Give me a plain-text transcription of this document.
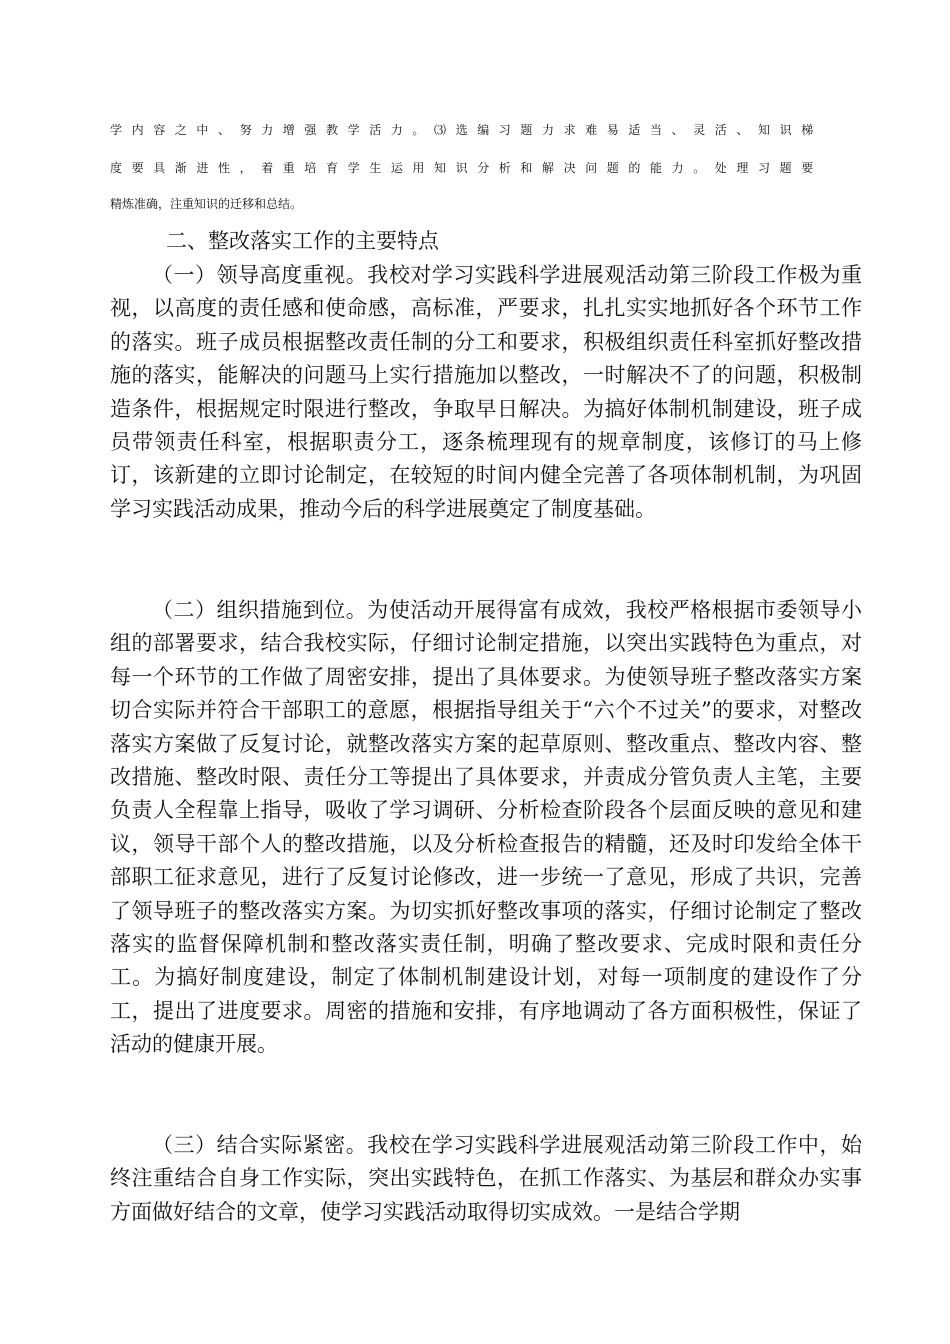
学内容之中、努力增强教学活力。⑶选编习题力求难易适当、灵活、知识梯
度要具渐进性，着重培育学生运用知识分析和解决问题的能力。处理习题要
精炼准确，注重知识的迁移和总结。
二、整改落实工作的主要特点

（一）领导高度重视。我校对学习实践科学进展观活动第三阶段工作极为重视，以高度的责任感和使命感，高标准，严要求，扎扎实实地抓好各个环节工作的落实。班子成员根据整改责任制的分工和要求，积极组织责任科室抓好整改措施的落实，能解决的问题马上实行措施加以整改，一时解决不了的问题，积极制造条件，根据规定时限进行整改，争取早日解决。为搞好体制机制建设，班子成员带领责任科室，根据职责分工，逐条梳理现有的规章制度，该修订的马上修订，该新建的立即讨论制定，在较短的时间内健全完善了各项体制机制，为巩固学习实践活动成果，推动今后的科学进展奠定了制度基础。

（二）组织措施到位。为使活动开展得富有成效，我校严格根据市委领导小组的部署要求，结合我校实际，仔细讨论制定措施，以突出实践特色为重点，对每一个环节的工作做了周密安排，提出了具体要求。为使领导班子整改落实方案切合实际并符合干部职工的意愿，根据指导组关于“六个不过关”的要求，对整改落实方案做了反复讨论，就整改落实方案的起草原则、整改重点、整改内容、整改措施、整改时限、责任分工等提出了具体要求，并责成分管负责人主笔，主要负责人全程靠上指导，吸收了学习调研、分析检查阶段各个层面反映的意见和建议，领导干部个人的整改措施，以及分析检查报告的精髓，还及时印发给全体干部职工征求意见，进行了反复讨论修改，进一步统一了意见，形成了共识，完善了领导班子的整改落实方案。为切实抓好整改事项的落实，仔细讨论制定了整改落实的监督保障机制和整改落实责任制，明确了整改要求、完成时限和责任分工。为搞好制度建设，制定了体制机制建设计划，对每一项制度的建设作了分工，提出了进度要求。周密的措施和安排，有序地调动了各方面积极性，保证了活动的健康开展。

（三）结合实际紧密。我校在学习实践科学进展观活动第三阶段工作中，始终注重结合自身工作实际，突出实践特色，在抓工作落实、为基层和群众办实事方面做好结合的文章，使学习实践活动取得切实成效。一是结合学期
